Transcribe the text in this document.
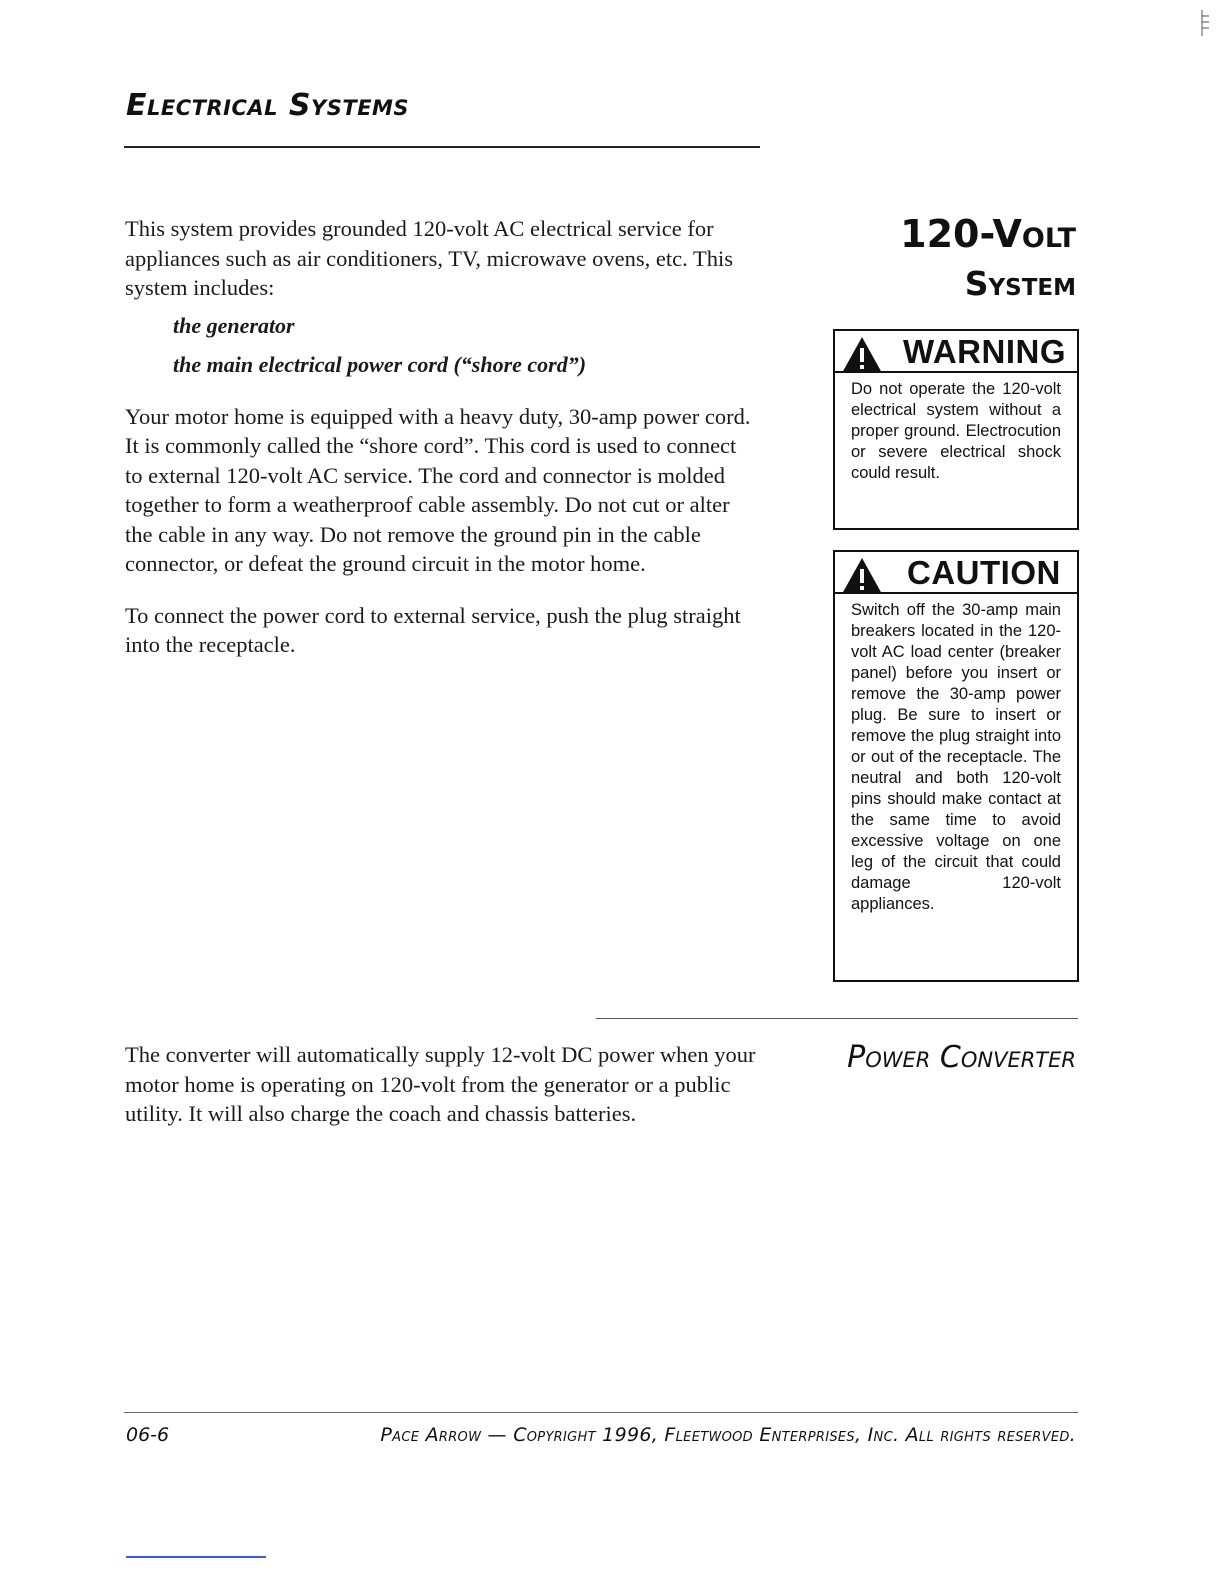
Electrical Systems
120-Volt
System

This system provides grounded 120-volt AC electrical service for appliances such as air conditioners, TV, microwave ovens, etc. This system includes:

the generator

the main electrical power cord (“shore cord”)

Your motor home is equipped with a heavy duty, 30-amp power cord. It is commonly called the “shore cord”. This cord is used to connect to external 120-volt AC service. The cord and connector is molded together to form a weatherproof cable assembly. Do not cut or alter the cable in any way. Do not remove the ground pin in the cable connector, or defeat the ground circuit in the motor home.

To connect the power cord to external service, push the plug straight into the receptacle.

WARNING
Do not operate the 120-volt electrical system without a proper ground. Electrocution or severe electrical shock could result.
CAUTION
Switch off the 30-amp main breakers located in the 120-volt AC load center (breaker panel) before you insert or remove the 30-amp power plug. Be sure to insert or remove the plug straight into or out of the receptacle. The neutral and both 120-volt pins should make contact at the same time to avoid excessive voltage on one leg of the circuit that could damage 120-volt appliances.
The converter will automatically supply 12-volt DC power when your motor home is operating on 120-volt from the generator or a public utility. It will also charge the coach and chassis batteries.
Power Converter
06-6	Pace Arrow — Copyright 1996, Fleetwood Enterprises, Inc. All rights reserved.
